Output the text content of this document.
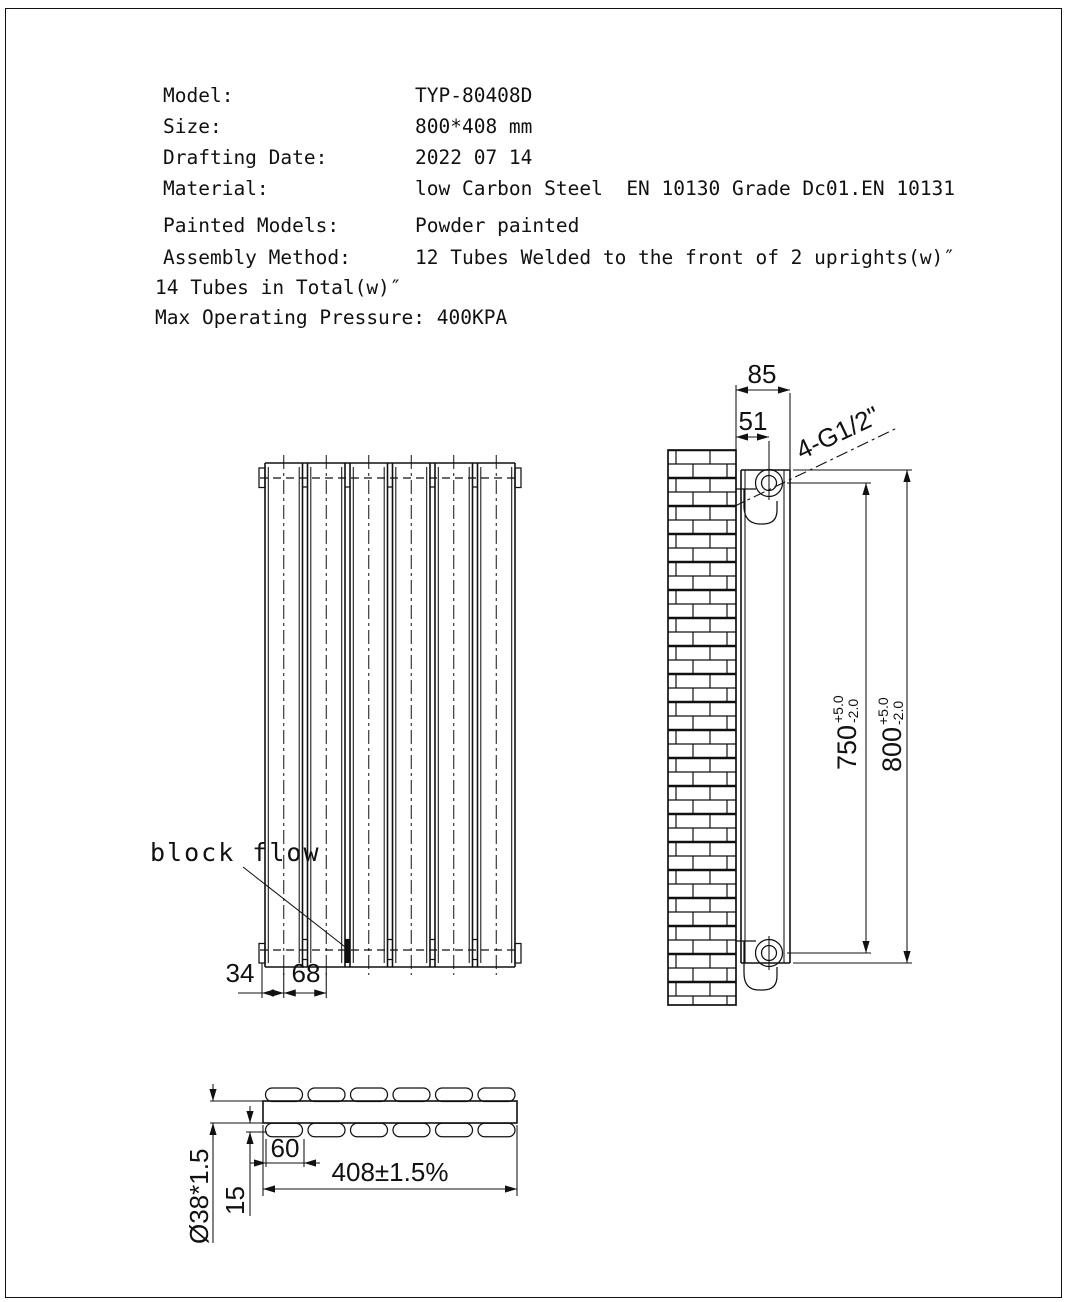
Model:	TYP-80408D
Size:	800*408 mm
Drafting Date:	2022 07 14
Material:	low Carbon Steel  EN 10130 Grade Dc01.EN 10131
Painted Models:	Powder painted
Assembly Method:	12 Tubes Welded to the front of 2 uprights(w)″
14 Tubes in Total(w)″
Max Operating Pressure: 400KPA
block flow
34 68
85
51 4-G1/2"
750
+5.0 -2.0
800
+5.0 -2.0
Ø38*1.5 15
60
408±1.5%
